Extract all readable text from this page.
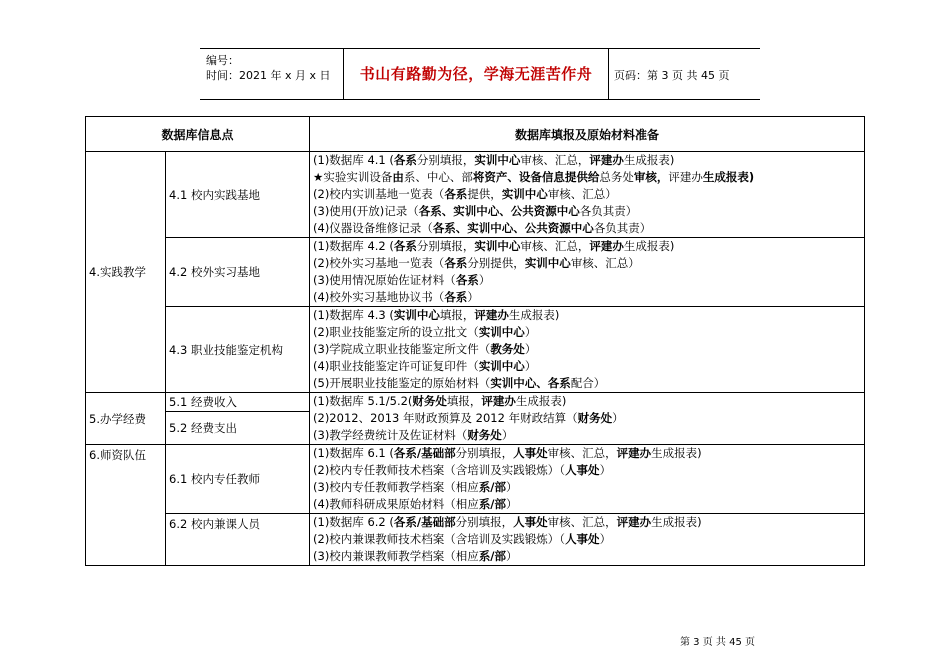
编号：
时间：2021 年 x 月 x 日	书山有路勤为径，学海无涯苦作舟	页码：第 3 页 共 45 页
数据库信息点		数据库填报及原始材料准备
4.实践教学	4.1 校内实践基地	(1)数据库 4.1 (各系分别填报，实训中心审核、汇总，评建办生成报表)
★实验实训设备由系、中心、部将资产、设备信息提供给总务处审核，评建办生成报表)
(2)校内实训基地一览表（各系提供，实训中心审核、汇总）
(3)使用(开放)记录（各系、实训中心、公共资源中心各负其责）
(4)仪器设备维修记录（各系、实训中心、公共资源中心各负其责）

	4.2 校外实习基地	(1)数据库 4.2 (各系分别填报，实训中心审核、汇总，评建办生成报表)
(2)校外实习基地一览表（各系分别提供，实训中心审核、汇总）
(3)使用情况原始佐证材料（各系）
(4)校外实习基地协议书（各系）

	4.3 职业技能鉴定机构	(1)数据库 4.3 (实训中心填报，评建办生成报表)
(2)职业技能鉴定所的设立批文（实训中心）
(3)学院成立职业技能鉴定所文件（教务处）
(4)职业技能鉴定许可证复印件（实训中心）
(5)开展职业技能鉴定的原始材料（实训中心、各系配合）

5.办学经费	5.1 经费收入	(1)数据库 5.1/5.2(财务处填报，评建办生成报表)
(2)2012、2013 年财政预算及 2012 年财政结算（财务处）
(3)教学经费统计及佐证材料（财务处）

	5.2 经费支出	
6.师资队伍	6.1 校内专任教师	(1)数据库 6.1 (各系/基础部分别填报，人事处审核、汇总，评建办生成报表)
(2)校内专任教师技术档案（含培训及实践锻炼）（人事处）
(3)校内专任教师教学档案（相应系/部）
(4)教师科研成果原始材料（相应系/部）

	6.2 校内兼课人员	(1)数据库 6.2 (各系/基础部分别填报，人事处审核、汇总，评建办生成报表)
(2)校内兼课教师技术档案（含培训及实践锻炼）（人事处）
(3)校内兼课教师教学档案（相应系/部）
第 3 页 共 45 页
